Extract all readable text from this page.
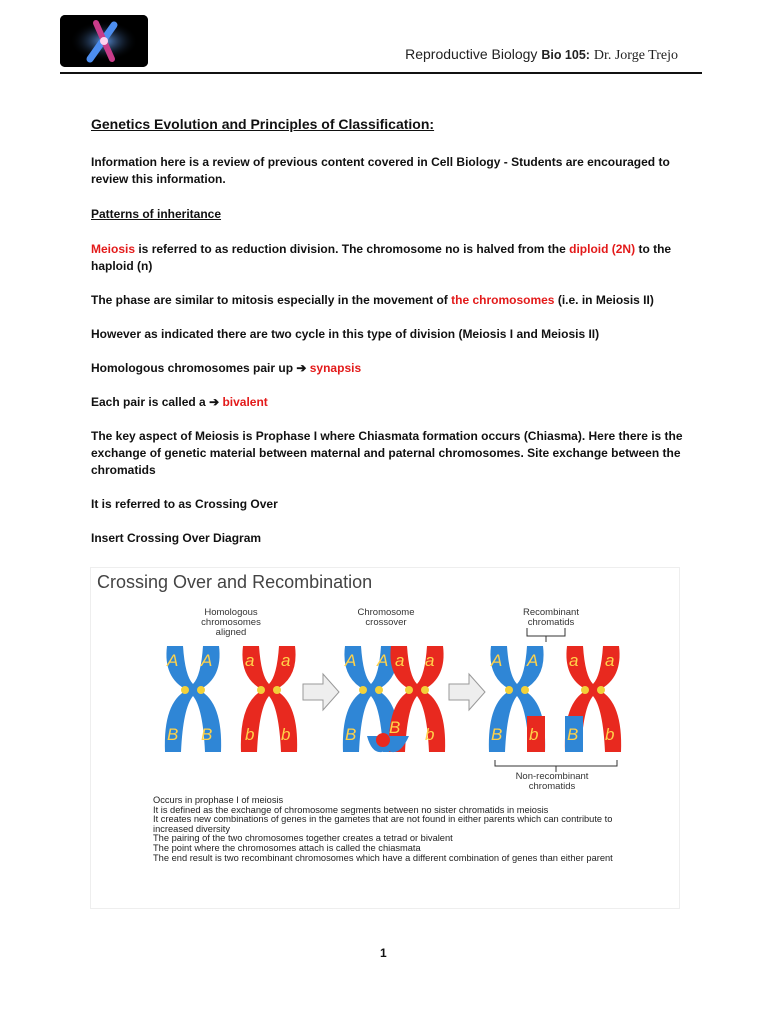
Reproductive Biology Bio 105: Dr. Jorge Trejo

Genetics Evolution and Principles of Classification:

Information here is a review of previous content covered in Cell Biology - Students are encouraged to review this information.

Patterns of inheritance

Meiosis is referred to as reduction division. The chromosome no is halved from the diploid (2N) to the haploid (n)

The phase are similar to mitosis especially in the movement of the chromosomes (i.e. in Meiosis II)

However as indicated there are two cycle in this type of division (Meiosis I and Meiosis II)

Homologous chromosomes pair up ➔ synapsis

Each pair is called a ➔ bivalent

The key aspect of Meiosis is Prophase I where Chiasmata formation occurs (Chiasma). Here there is the exchange of genetic material between maternal and paternal chromosomes. Site exchange between the chromatids

It is referred to as Crossing Over

Insert Crossing Over Diagram

Crossing Over and Recombination
Homologous chromosomes aligned
Chromosome crossover
Recombinant chromatids
Non-recombinant chromatids
A A
B B
a a
b b
A A a a
B B b
A A
B b
a a
B b
Occurs in prophase I of meiosis
It is defined as the exchange of chromosome segments between no sister chromatids in meiosis
It creates new combinations of genes in the gametes that are not found in either parents which can contribute to increased diversity
The pairing of the two chromosomes together creates a tetrad or bivalent
The point where the chromosomes attach is called the chiasmata
The end result is two recombinant chromosomes which have a different combination of genes than either parent
1
